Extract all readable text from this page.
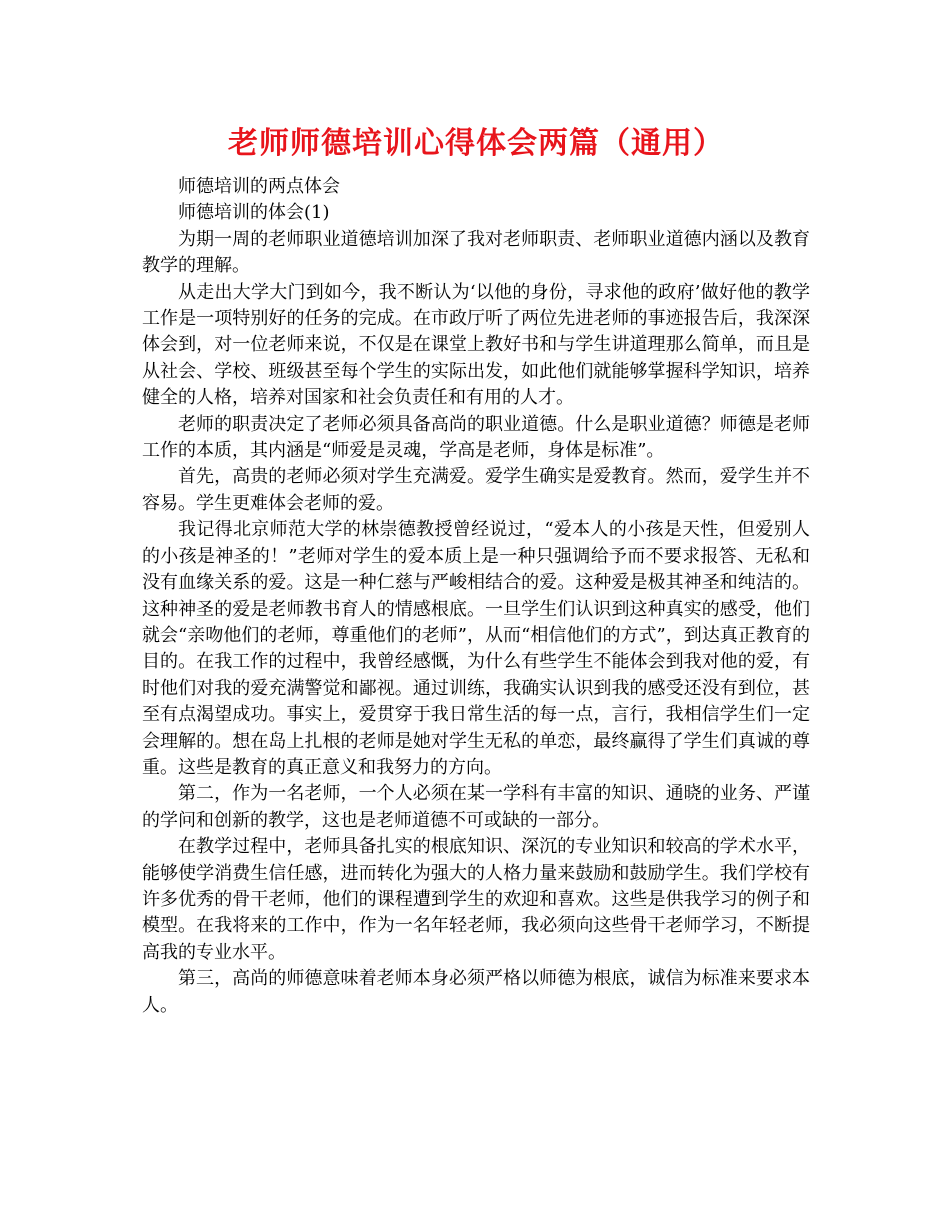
老师师德培训心得体会两篇（通用）

师德培训的两点体会

师德培训的体会(1)

为期一周的老师职业道德培训加深了我对老师职责、老师职业道德内涵以及教育教学的理解。

从走出大学大门到如今，我不断认为‘以他的身份，寻求他的政府’做好他的教学工作是一项特别好的任务的完成。在市政厅听了两位先进老师的事迹报告后，我深深体会到，对一位老师来说，不仅是在课堂上教好书和与学生讲道理那么简单，而且是从社会、学校、班级甚至每个学生的实际出发，如此他们就能够掌握科学知识，培养健全的人格，培养对国家和社会负责任和有用的人才。

老师的职责决定了老师必须具备高尚的职业道德。什么是职业道德？师德是老师工作的本质，其内涵是“师爱是灵魂，学高是老师，身体是标准”。

首先，高贵的老师必须对学生充满爱。爱学生确实是爱教育。然而，爱学生并不容易。学生更难体会老师的爱。

我记得北京师范大学的林崇德教授曾经说过，“爱本人的小孩是天性，但爱别人的小孩是神圣的！”老师对学生的爱本质上是一种只强调给予而不要求报答、无私和没有血缘关系的爱。这是一种仁慈与严峻相结合的爱。这种爱是极其神圣和纯洁的。这种神圣的爱是老师教书育人的情感根底。一旦学生们认识到这种真实的感受，他们就会“亲吻他们的老师，尊重他们的老师”，从而“相信他们的方式”，到达真正教育的目的。在我工作的过程中，我曾经感慨，为什么有些学生不能体会到我对他的爱，有时他们对我的爱充满警觉和鄙视。通过训练，我确实认识到我的感受还没有到位，甚至有点渴望成功。事实上，爱贯穿于我日常生活的每一点，言行，我相信学生们一定会理解的。想在岛上扎根的老师是她对学生无私的单恋，最终赢得了学生们真诚的尊重。这些是教育的真正意义和我努力的方向。

第二，作为一名老师，一个人必须在某一学科有丰富的知识、通晓的业务、严谨的学问和创新的教学，这也是老师道德不可或缺的一部分。

在教学过程中，老师具备扎实的根底知识、深沉的专业知识和较高的学术水平，能够使学消费生信任感，进而转化为强大的人格力量来鼓励和鼓励学生。我们学校有许多优秀的骨干老师，他们的课程遭到学生的欢迎和喜欢。这些是供我学习的例子和模型。在我将来的工作中，作为一名年轻老师，我必须向这些骨干老师学习，不断提高我的专业水平。

第三，高尚的师德意味着老师本身必须严格以师德为根底，诚信为标准来要求本人。
